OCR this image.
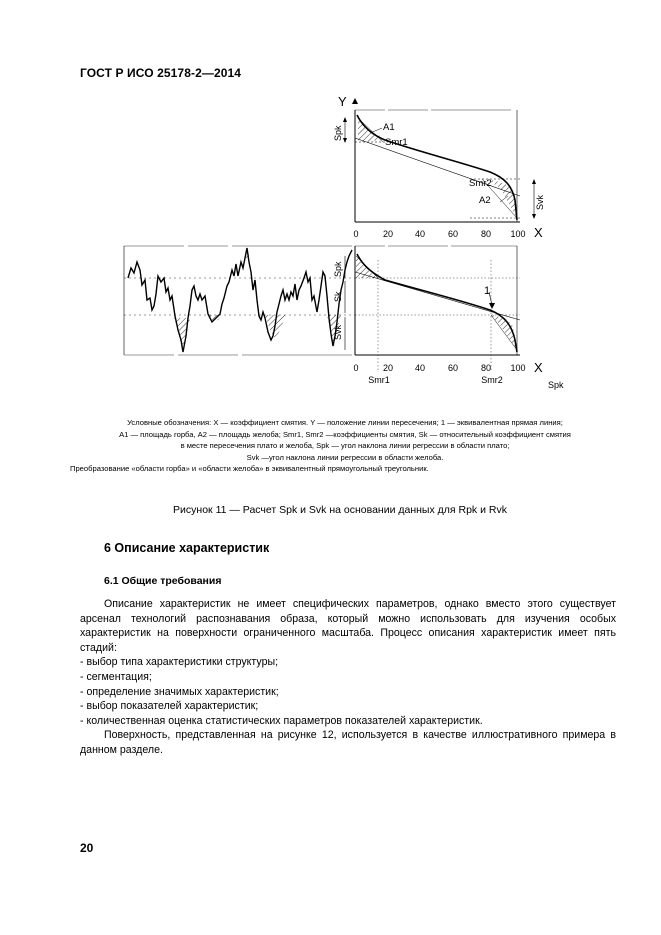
ГОСТ Р ИСО 25178-2—2014
Y
X
Spk	A1
Smr1
Smr2
A2	Svk
0	20 40	60	80 100
Spk
Sk
Svk
1
X
0	20 40	60	80 100
Smr1	Smr2	Spk

Условные обозначения: X — коэффициент смятия. Y — положение линии пересечения; 1 — эквивалентная прямая линия;

A1 — площадь горба, A2 — площадь желоба; Smr1, Smr2 —коэффициенты смятия, Sk — относительный коэффициент смятия

в месте пересечения плато и желоба, Spk — угол наклона линии регрессии в области плато;

Svk —угол наклона линии регрессии в области желоба.

Преобразование «области горба» и «области желоба» в эквивалентный прямоугольный треугольник.

Рисунок 11 — Расчет Spk и Svk на основании данных для Rpk и Rvk
6 Описание характеристик
6.1 Общие требования

Описание характеристик не имеет специфических параметров, однако вместо этого существует арсенал технологий распознавания образа, который можно использовать для изучения особых характеристик на поверхности ограниченного масштаба. Процесс описания характеристик имеет пять стадий:

- выбор типа характеристики структуры;

- сегментация;

- определение значимых характеристик;

- выбор показателей характеристик;

- количественная оценка статистических параметров показателей характеристик.

Поверхность, представленная на рисунке 12, используется в качестве иллюстративного примера в данном разделе.

20
